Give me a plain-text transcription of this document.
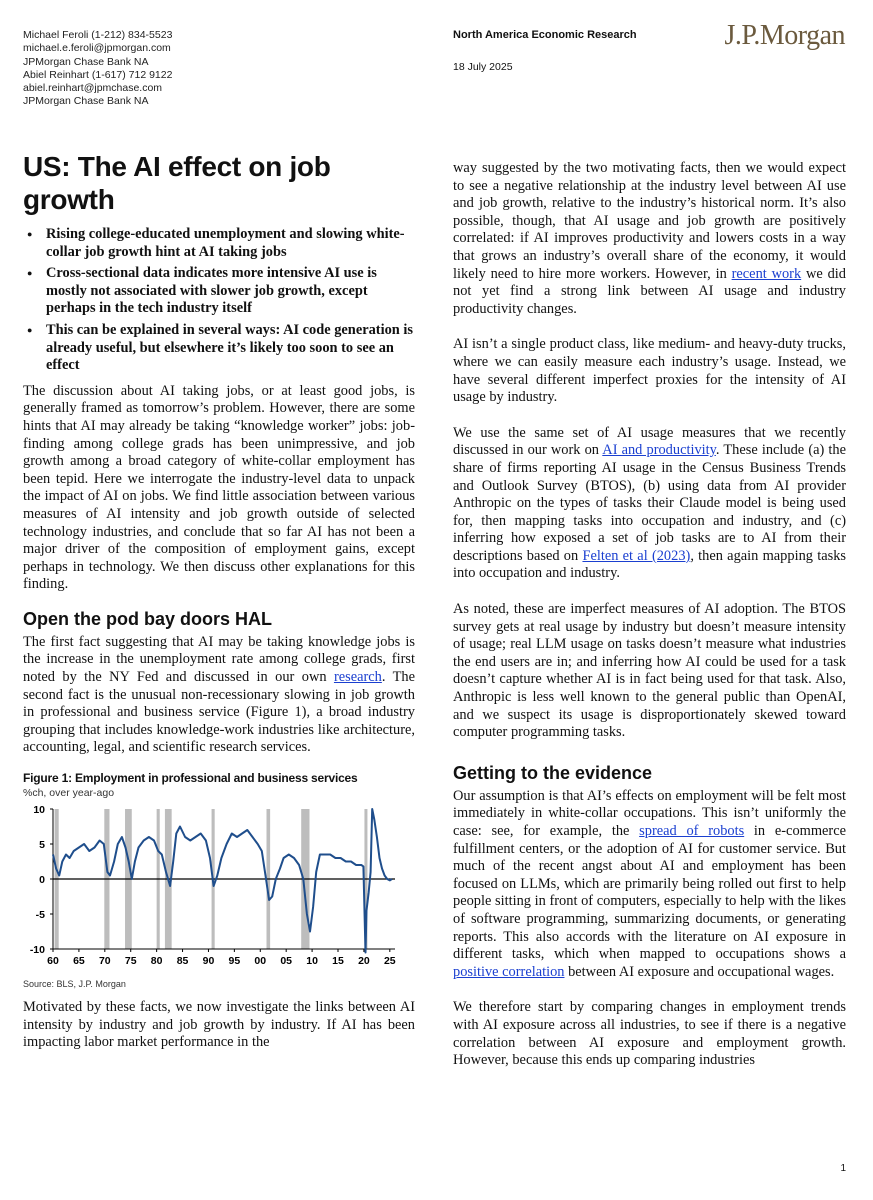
Michael Feroli (1-212) 834-5523
michael.e.feroli@jpmorgan.com
JPMorgan Chase Bank NA
Abiel Reinhart (1-617) 712 9122
abiel.reinhart@jpmchase.com
JPMorgan Chase Bank NA
North America Economic Research
18 July 2025
J.P.Morgan
US: The AI effect on job growth
● Rising college-educated unemployment and slowing white-collar job growth hint at AI taking jobs
● Cross-sectional data indicates more intensive AI use is mostly not associated with slower job growth, except perhaps in the tech industry itself
● This can be explained in several ways: AI code generation is already useful, but elsewhere it’s likely too soon to see an effect

The discussion about AI taking jobs, or at least good jobs, is generally framed as tomorrow’s problem. However, there are some hints that AI may already be taking “knowledge worker” jobs: job-finding among college grads has been unimpressive, and job growth among a broad category of white-collar employment has been tepid. Here we interrogate the industry-level data to unpack the impact of AI on jobs. We find little association between various measures of AI intensity and job growth outside of selected technology industries, and conclude that so far AI has not been a major driver of the composition of employment gains, except perhaps in technology. We then discuss other explanations for this finding.

Open the pod bay doors HAL

The first fact suggesting that AI may be taking knowledge jobs is the increase in the unemployment rate among college grads, first noted by the NY Fed and discussed in our own research. The second fact is the unusual non-recessionary slowing in job growth in professional and business service (Figure 1), a broad industry grouping that includes knowledge-work industries like architecture, accounting, legal, and scientific research services.

Figure 1: Employment in professional and business services
%ch, over year-ago
10
5
0
-5
-10
60 65 70 75 80 85 90 95 00 05 10 15 20 25
Source: BLS, J.P. Morgan

Motivated by these facts, we now investigate the links between AI intensity by industry and job growth by industry. If AI has been impacting labor market performance in the

way suggested by the two motivating facts, then we would expect to see a negative relationship at the industry level between AI use and job growth, relative to the industry’s historical norm. It’s also possible, though, that AI usage and job growth are positively correlated: if AI improves productivity and lowers costs in a way that grows an industry’s overall share of the economy, it would likely need to hire more workers. However, in recent work we did not yet find a strong link between AI usage and industry productivity changes.

AI isn’t a single product class, like medium- and heavy-duty trucks, where we can easily measure each industry’s usage. Instead, we have several different imperfect proxies for the intensity of AI usage by industry.

We use the same set of AI usage measures that we recently discussed in our work on AI and productivity. These include (a) the share of firms reporting AI usage in the Census Business Trends and Outlook Survey (BTOS), (b) using data from AI provider Anthropic on the types of tasks their Claude model is being used for, then mapping tasks into occupation and industry, and (c) inferring how exposed a set of job tasks are to AI from their descriptions based on Felten et al (2023), then again mapping tasks into occupation and industry.

As noted, these are imperfect measures of AI adoption. The BTOS survey gets at real usage by industry but doesn’t measure intensity of usage; real LLM usage on tasks doesn’t measure what industries the end users are in; and inferring how AI could be used for a task doesn’t capture whether AI is in fact being used for that task. Also, Anthropic is less well known to the general public than OpenAI, and we suspect its usage is disproportionately skewed toward computer programming tasks.

Getting to the evidence

Our assumption is that AI’s effects on employment will be felt most immediately in white-collar occupations. This isn’t uniformly the case: see, for example, the spread of robots in e-commerce fulfillment centers, or the adoption of AI for customer service. But much of the recent angst about AI and employment has been focused on LLMs, which are primarily being rolled out first to help people sitting in front of computers, especially to help with the likes of software programming, summarizing documents, or generating reports. This also accords with the literature on AI exposure in different tasks, which when mapped to occupations shows a positive correlation between AI exposure and occupational wages.

We therefore start by comparing changes in employment trends with AI exposure across all industries, to see if there is a negative correlation between AI exposure and employment growth. However, because this ends up comparing industries

1
